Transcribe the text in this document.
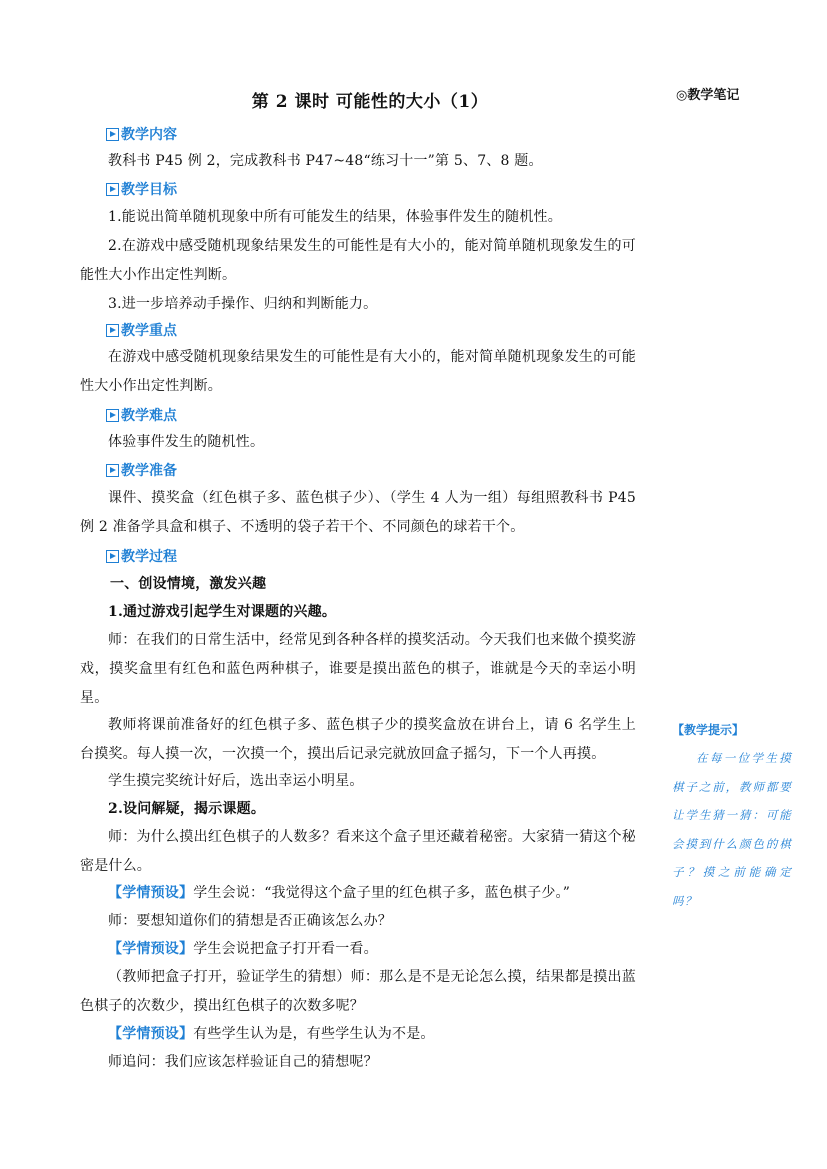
第 2 课时 可能性的大小（1）	◎教学笔记
教学内容
教科书 P45 例 2，完成教科书 P47~48“练习十一”第 5、7、8 题。
教学目标
1.能说出简单随机现象中所有可能发生的结果，体验事件发生的随机性。
2.在游戏中感受随机现象结果发生的可能性是有大小的，能对简单随机现象发生的可能性大小作出定性判断。
3.进一步培养动手操作、归纳和判断能力。
教学重点
在游戏中感受随机现象结果发生的可能性是有大小的，能对简单随机现象发生的可能性大小作出定性判断。
教学难点
体验事件发生的随机性。
教学准备
课件、摸奖盒（红色棋子多、蓝色棋子少）、（学生 4 人为一组）每组照教科书 P45 例 2 准备学具盒和棋子、不透明的袋子若干个、不同颜色的球若干个。
教学过程
一、创设情境，激发兴趣
1.通过游戏引起学生对课题的兴趣。
师：在我们的日常生活中，经常见到各种各样的摸奖活动。今天我们也来做个摸奖游戏，摸奖盒里有红色和蓝色两种棋子，谁要是摸出蓝色的棋子，谁就是今天的幸运小明星。
教师将课前准备好的红色棋子多、蓝色棋子少的摸奖盒放在讲台上，请 6 名学生上台摸奖。每人摸一次，一次摸一个，摸出后记录完就放回盒子摇匀，下一个人再摸。
学生摸完奖统计好后，选出幸运小明星。
2.设问解疑，揭示课题。
师：为什么摸出红色棋子的人数多？看来这个盒子里还藏着秘密。大家猜一猜这个秘密是什么。
【学情预设】学生会说：“我觉得这个盒子里的红色棋子多，蓝色棋子少。”
师：要想知道你们的猜想是否正确该怎么办？
【学情预设】学生会说把盒子打开看一看。
（教师把盒子打开，验证学生的猜想）师：那么是不是无论怎么摸，结果都是摸出蓝色棋子的次数少，摸出红色棋子的次数多呢？
【学情预设】有些学生认为是，有些学生认为不是。
师追问：我们应该怎样验证自己的猜想呢？
【教学提示】
在每一位学生摸棋子之前，教师都要让学生猜一猜：可能会摸到什么颜色的棋子？摸之前能确定吗？
